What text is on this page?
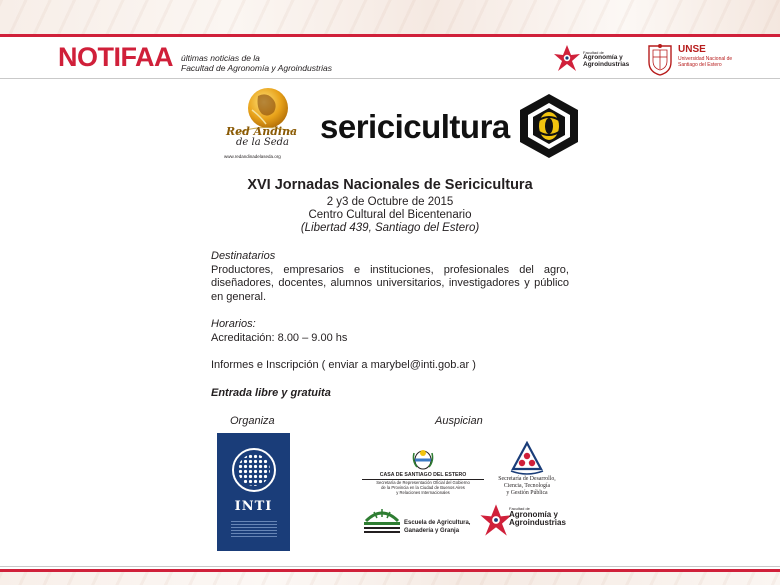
NOTIFAA últimas noticias de la
Facultad de Agronomía y Agroindustrias
Facultad de
Agronomía y
Agroindustrias
UNSE
Universidad Nacional de Santiago del Estero
Red Andina
de la Seda
www.redandinadelaseda.org
sericicultura
XVI Jornadas Nacionales de Sericicultura
2 y3 de Octubre de 2015
Centro Cultural del Bicentenario
(Libertad 439, Santiago del Estero)
Destinatarios
Productores, empresarios e instituciones, profesionales del agro, diseñadores, docentes, alumnos universitarios, investigadores y público en general.
Horarios:
Acreditación: 8.00 – 9.00 hs
Informes e Inscripción ( enviar a marybel@inti.gob.ar )
Entrada libre y gratuita
Organiza	Auspician
INTI
CASA DE SANTIAGO DEL ESTERO
Secretaría de Representación Oficial del Gobierno
de la Provincia en la Ciudad de Buenos Aires
y Relaciones Internacionales
Secretaría de Desarrollo,
Ciencia, Tecnología
y Gestión Pública
Escuela de Agricultura,
Ganadería y Granja
Facultad de
Agronomía y
Agroindustrias
